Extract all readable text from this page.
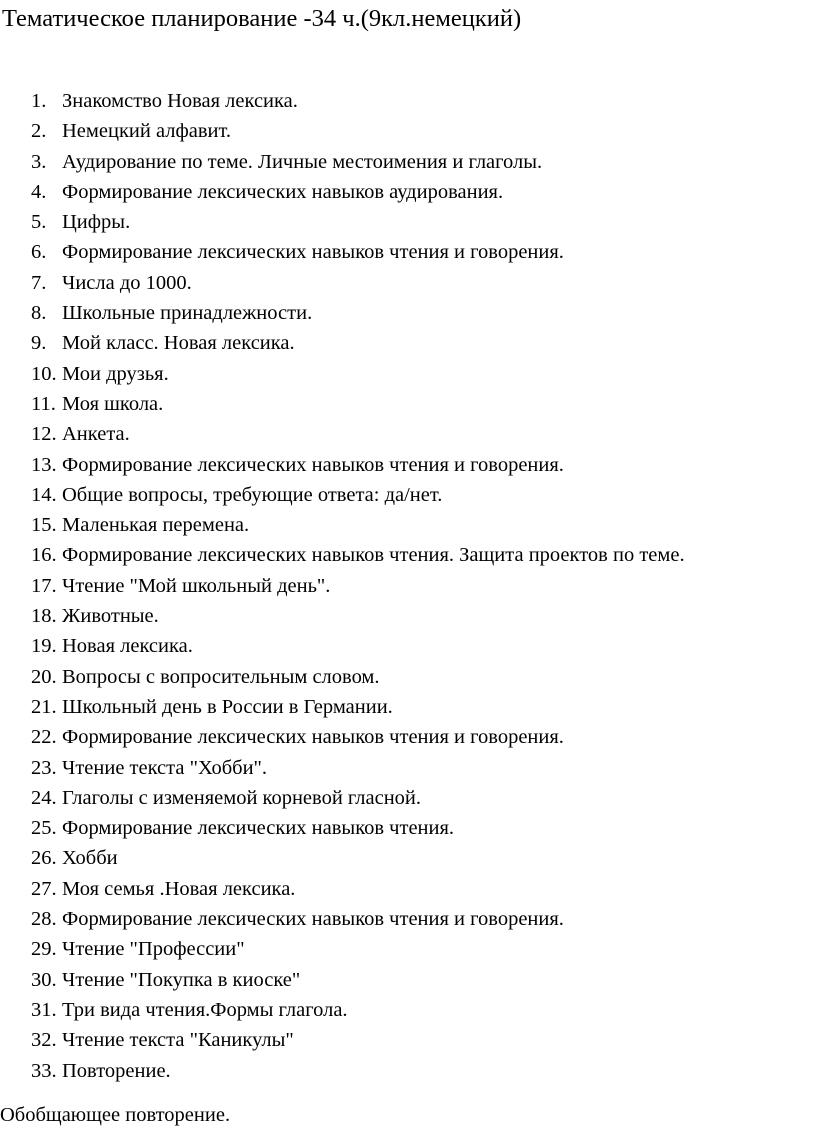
Тематическое планирование -34 ч.(9кл.немецкий)
1. Знакомство Новая лексика.
2. Немецкий алфавит.
3. Аудирование по теме. Личные местоимения и глаголы.
4. Формирование лексических навыков аудирования.
5. Цифры.
6. Формирование лексических навыков чтения и говорения.
7. Числа до 1000.
8. Школьные принадлежности.
9. Мой класс. Новая лексика.
10. Мои друзья.
11. Моя школа.
12. Анкета.
13. Формирование лексических навыков чтения и говорения.
14. Общие вопросы, требующие ответа: да/нет.
15. Маленькая перемена.
16. Формирование лексических навыков чтения. Защита проектов по теме.
17. Чтение "Мой школьный день".
18. Животные.
19. Новая лексика.
20. Вопросы с вопросительным словом.
21. Школьный день в России в Германии.
22. Формирование лексических навыков чтения и говорения.
23. Чтение текста "Хобби".
24. Глаголы с изменяемой корневой гласной.
25. Формирование лексических навыков чтения.
26. Хобби
27. Моя семья .Новая лексика.
28. Формирование лексических навыков чтения и говорения.
29. Чтение "Профессии"
30. Чтение "Покупка в киоске"
31. Три вида чтения.Формы глагола.
32. Чтение текста "Каникулы"
33. Повторение.
Обобщающее повторение.
